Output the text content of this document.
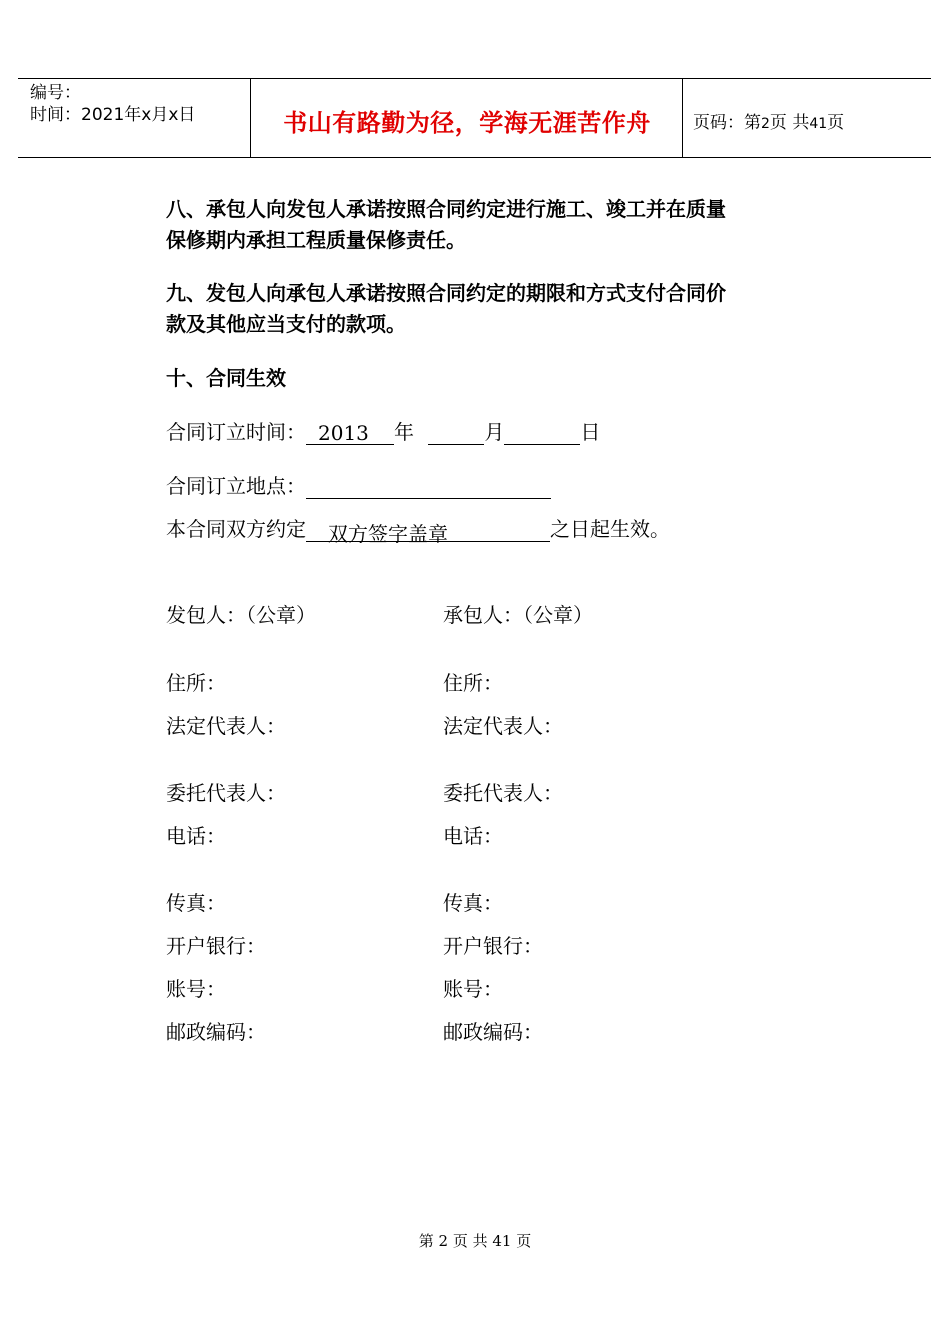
编号：
时间：2021年x月x日	书山有路勤为径，学海无涯苦作舟	页码：第2页 共41页
八、承包人向发包人承诺按照合同约定进行施工、竣工并在质量
保修期内承担工程质量保修责任。
九、发包人向承包人承诺按照合同约定的期限和方式支付合同价
款及其他应当支付的款项。
十、合同生效
合同订立时间： 2013 年	月	日
合同订立地点：
本合同双方约定 双方签字盖章	之日起生效。
发包人：（公章）	承包人：（公章）
住所：	住所：
法定代表人：	法定代表人：
委托代表人：	委托代表人：
电话：	电话：
传真：	传真：
开户银行：	开户银行：
账号：	账号：
邮政编码：	邮政编码：
第 2 页 共 41 页
